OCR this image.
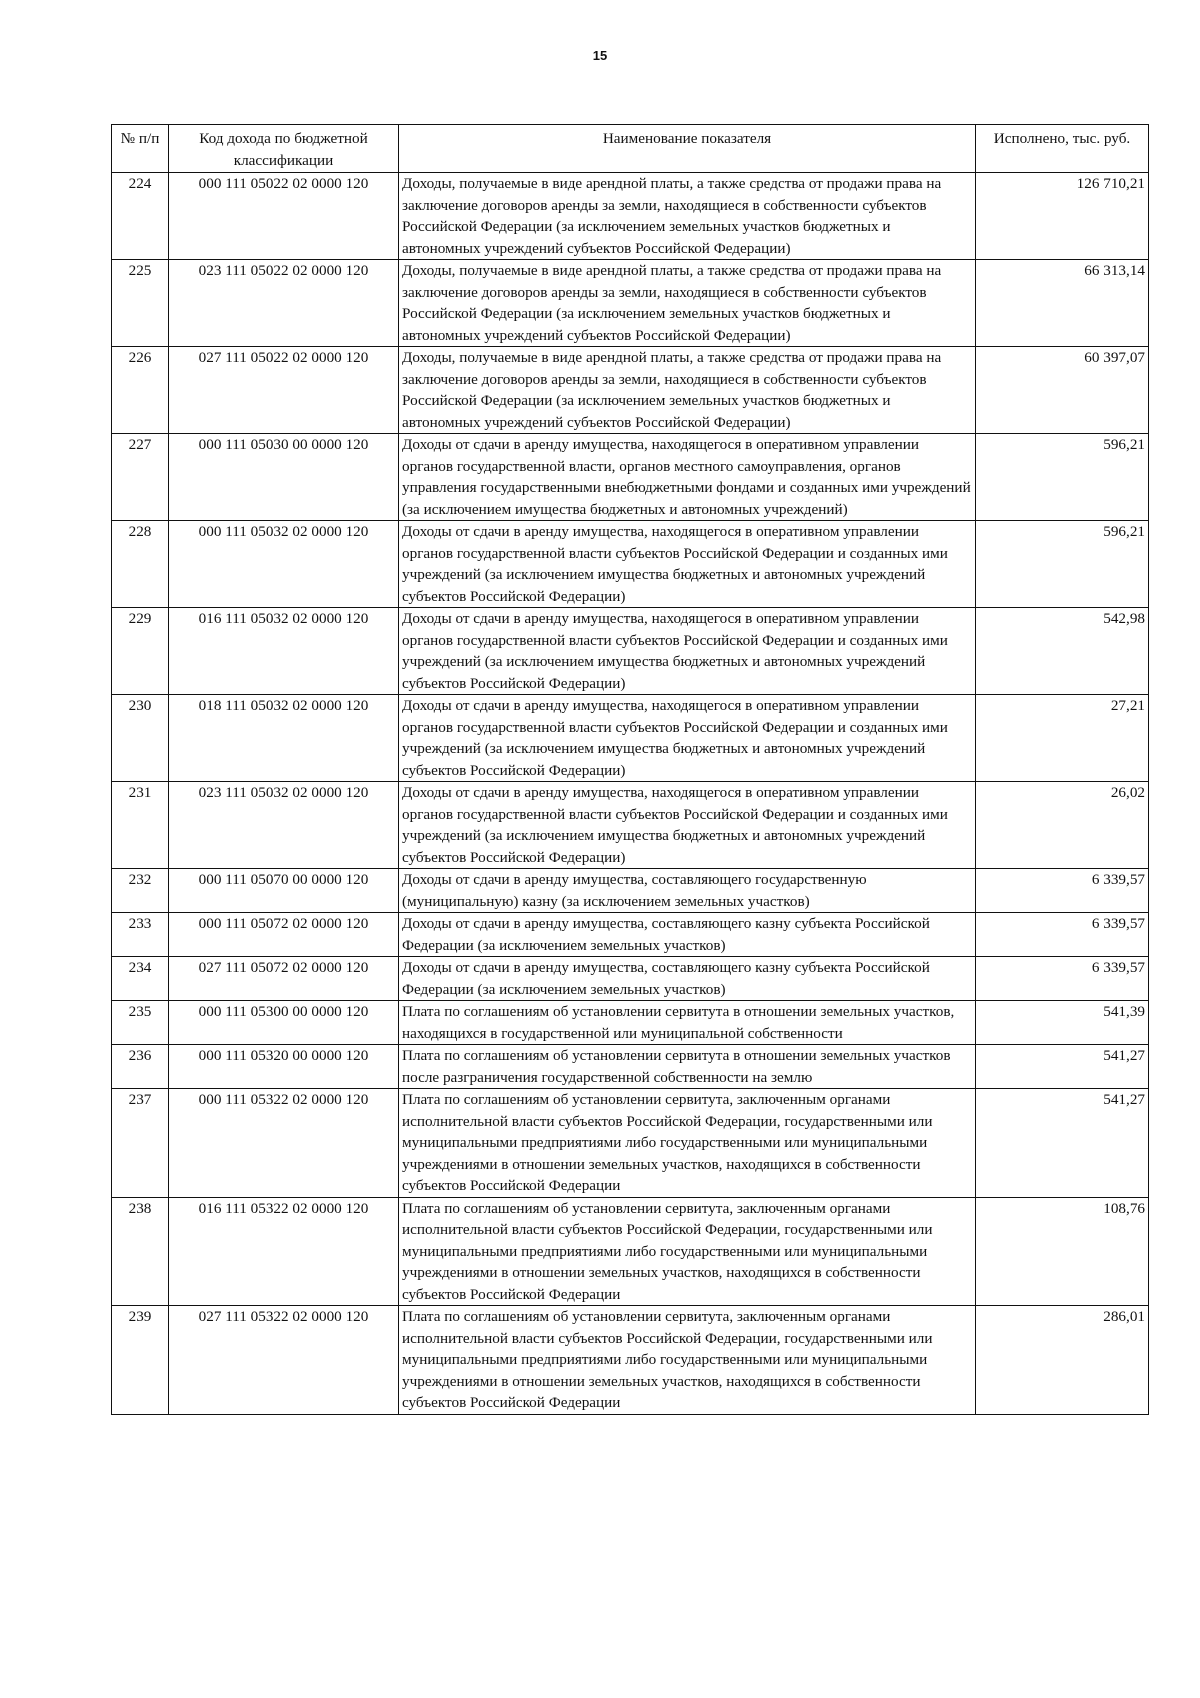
15
№ п/п	Код дохода по бюджетной классификации	Наименование показателя	Исполнено, тыс. руб.
224	000 111 05022 02 0000 120	Доходы, получаемые в виде арендной платы, а также средства от продажи права на заключение договоров аренды за земли, находящиеся в собственности субъектов Российской Федерации (за исключением земельных участков бюджетных и автономных учреждений субъектов Российской Федерации)	126 710,21
225	023 111 05022 02 0000 120	Доходы, получаемые в виде арендной платы, а также средства от продажи права на заключение договоров аренды за земли, находящиеся в собственности субъектов Российской Федерации (за исключением земельных участков бюджетных и автономных учреждений субъектов Российской Федерации)	66 313,14
226	027 111 05022 02 0000 120	Доходы, получаемые в виде арендной платы, а также средства от продажи права на заключение договоров аренды за земли, находящиеся в собственности субъектов Российской Федерации (за исключением земельных участков бюджетных и автономных учреждений субъектов Российской Федерации)	60 397,07
227	000 111 05030 00 0000 120	Доходы от сдачи в аренду имущества, находящегося в оперативном управлении органов государственной власти, органов местного самоуправления, органов управления государственными внебюджетными фондами и созданных ими учреждений (за исключением имущества бюджетных и автономных учреждений)	596,21
228	000 111 05032 02 0000 120	Доходы от сдачи в аренду имущества, находящегося в оперативном управлении органов государственной власти субъектов Российской Федерации и созданных ими учреждений (за исключением имущества бюджетных и автономных учреждений субъектов Российской Федерации)	596,21
229	016 111 05032 02 0000 120	Доходы от сдачи в аренду имущества, находящегося в оперативном управлении органов государственной власти субъектов Российской Федерации и созданных ими учреждений (за исключением имущества бюджетных и автономных учреждений субъектов Российской Федерации)	542,98
230	018 111 05032 02 0000 120	Доходы от сдачи в аренду имущества, находящегося в оперативном управлении органов государственной власти субъектов Российской Федерации и созданных ими учреждений (за исключением имущества бюджетных и автономных учреждений субъектов Российской Федерации)	27,21
231	023 111 05032 02 0000 120	Доходы от сдачи в аренду имущества, находящегося в оперативном управлении органов государственной власти субъектов Российской Федерации и созданных ими учреждений (за исключением имущества бюджетных и автономных учреждений субъектов Российской Федерации)	26,02
232	000 111 05070 00 0000 120	Доходы от сдачи в аренду имущества, составляющего государственную (муниципальную) казну (за исключением земельных участков)	6 339,57
233	000 111 05072 02 0000 120	Доходы от сдачи в аренду имущества, составляющего казну субъекта Российской Федерации (за исключением земельных участков)	6 339,57
234	027 111 05072 02 0000 120	Доходы от сдачи в аренду имущества, составляющего казну субъекта Российской Федерации (за исключением земельных участков)	6 339,57
235	000 111 05300 00 0000 120	Плата по соглашениям об установлении сервитута в отношении земельных участков, находящихся в государственной или муниципальной собственности	541,39
236	000 111 05320 00 0000 120	Плата по соглашениям об установлении сервитута в отношении земельных участков после разграничения государственной собственности на землю	541,27
237	000 111 05322 02 0000 120	Плата по соглашениям об установлении сервитута, заключенным органами исполнительной власти субъектов Российской Федерации, государственными или муниципальными предприятиями либо государственными или муниципальными учреждениями в отношении земельных участков, находящихся в собственности субъектов Российской Федерации	541,27
238	016 111 05322 02 0000 120	Плата по соглашениям об установлении сервитута, заключенным органами исполнительной власти субъектов Российской Федерации, государственными или муниципальными предприятиями либо государственными или муниципальными учреждениями в отношении земельных участков, находящихся в собственности субъектов Российской Федерации	108,76
239	027 111 05322 02 0000 120	Плата по соглашениям об установлении сервитута, заключенным органами исполнительной власти субъектов Российской Федерации, государственными или муниципальными предприятиями либо государственными или муниципальными учреждениями в отношении земельных участков, находящихся в собственности субъектов Российской Федерации	286,01
